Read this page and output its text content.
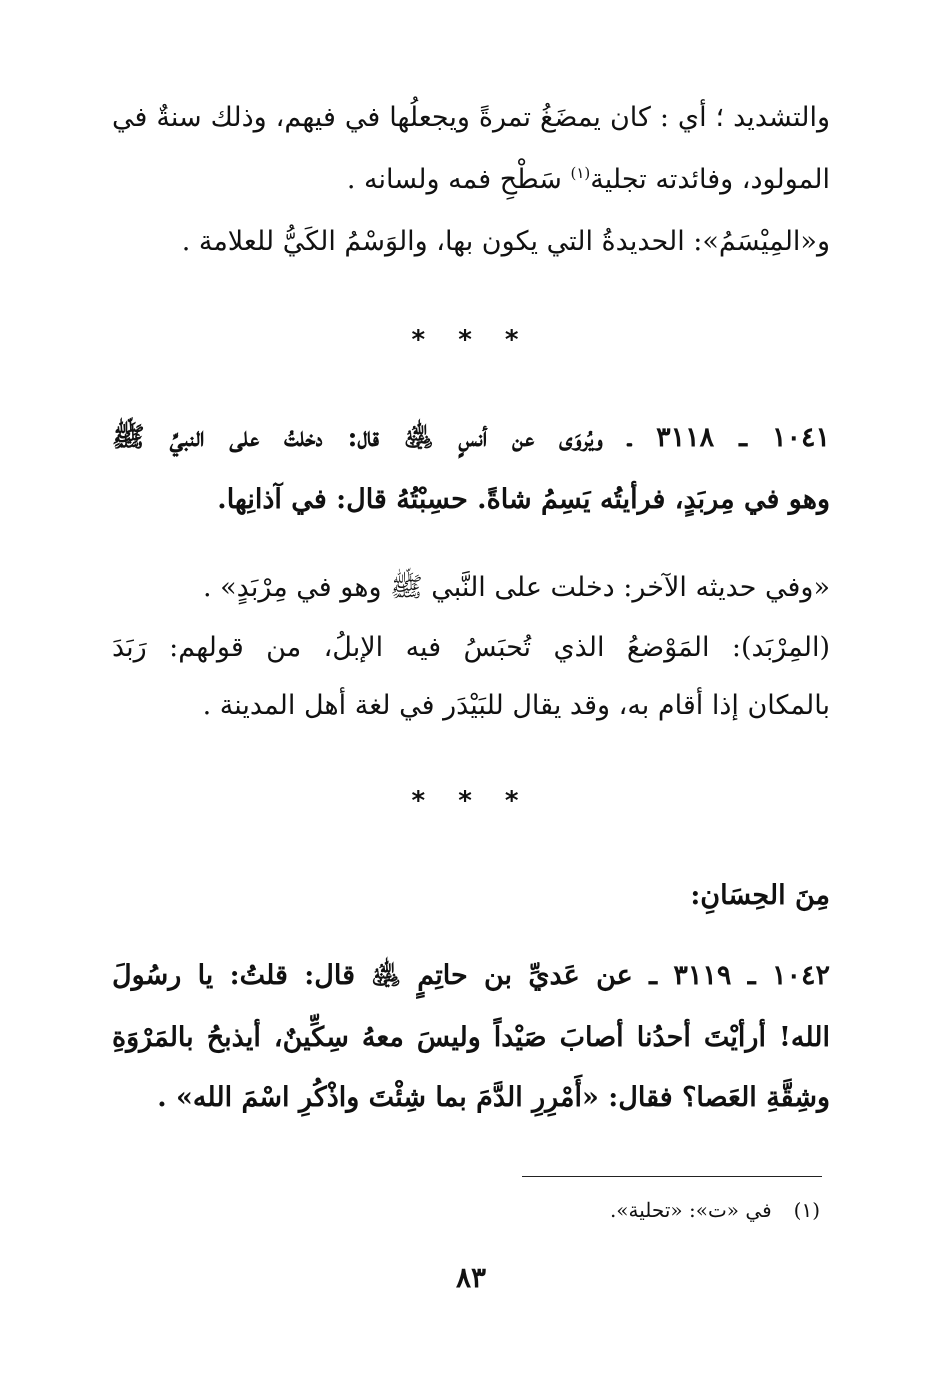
والتشديد ؛ أي : كان يمضَغُ تمرةً ويجعلُها في فيهم، وذلك سنةٌ في
المولود، وفائدته تجلية$^{(١)}$ سَطْحِ فمه ولسانه .
و«المِيْسَمُ»: الحديدةُ التي يكون بها، والوَسْمُ الكَيُّ للعلامة .
* * *
١٠٤١ ـ ٣١١٨ ـ ويُروَى عن أنسٍ ﵁ قال: دخلتُ على النبيِّ ﷺ
وهو في مِربَدٍ، فرأيتُه يَسِمُ شاةً. حسِبْتُهُ قال: في آذانِها.
«وفي حديثه الآخر: دخلت على النَّبي ﷺ وهو في مِرْبَدٍ» .
(المِرْبَد): المَوْضعُ الذي تُحبَسُ فيه الإبلُ، من قولهم: رَبَدَ
بالمكان إذا أقام به، وقد يقال للبَيْدَر في لغة أهل المدينة .
* * *
مِنَ الحِسَانِ:
١٠٤٢ ـ ٣١١٩ ـ عن عَديِّ بن حاتِمٍ ﵁ قال: قلتُ: يا رسُولَ
الله! أرأيْتَ أحدُنا أصابَ صَيْداً وليسَ معهُ سِكِّينٌ، أيذبحُ بالمَرْوَةِ
وشِقَّةِ العَصا؟ فقال: «أَمْرِرِ الدَّمَ بما شِئْتَ واذْكُرِ اسْمَ الله» .
(١)في «ت»: «تحلية».
٨٣
